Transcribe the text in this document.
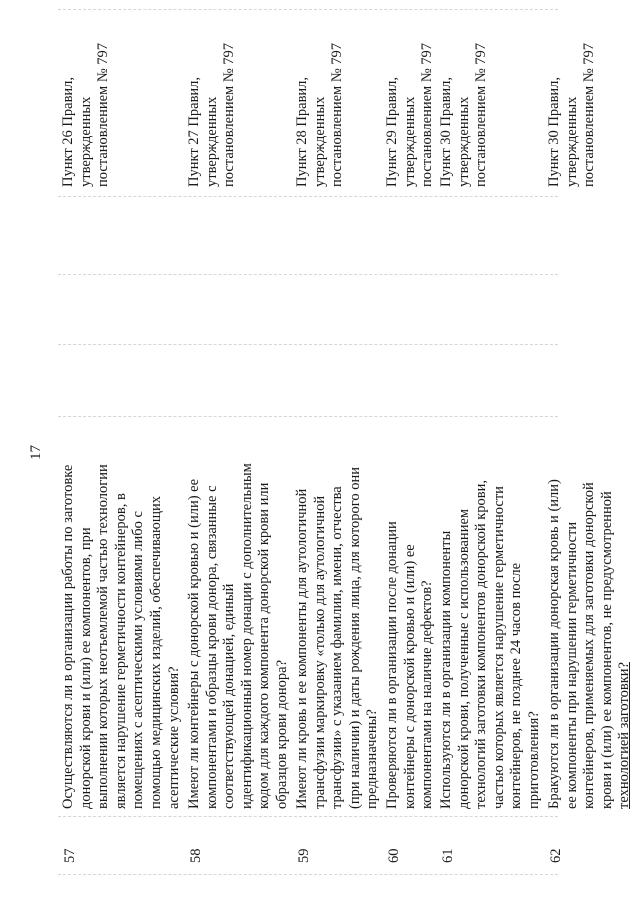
17
57
Осуществляются ли в организации работы по заготовке донорской крови и (или) ее компонентов, при выполнении которых неотъемлемой частью технологии является нарушение герметичности контейнеров, в помещениях с асептическими условиями либо с помощью медицинских изделий, обеспечивающих асептические условия?
Пункт 26 Правил, утвержденных постановлением № 797
58
Имеют ли контейнеры с донорской кровью и (или) ее компонентами и образцы крови донора, связанные с соответствующей донацией, единый идентификационный номер донации с дополнительным кодом для каждого компонента донорской крови или образцов крови донора?
Пункт 27 Правил, утвержденных постановлением № 797
59
Имеют ли кровь и ее компоненты для аутологичной трансфузии маркировку «только для аутологичной трансфузии» с указанием фамилии, имени, отчества (при наличии) и даты рождения лица, для которого они предназначены?
Пункт 28 Правил, утвержденных постановлением № 797
60
Проверяются ли в организации после донации контейнеры с донорской кровью и (или) ее компонентами на наличие дефектов?
Пункт 29 Правил, утвержденных постановлением № 797
61
Используются ли в организации компоненты донорской крови, полученные с использованием технологий заготовки компонентов донорской крови, частью которых является нарушение герметичности контейнеров, не позднее 24 часов после приготовления?
Пункт 30 Правил, утвержденных постановлением № 797
62
Бракуются ли в организации донорская кровь и (или) ее компоненты при нарушении герметичности контейнеров, применяемых для заготовки донорской крови и (или) ее компонентов, не предусмотренной технологией заготовки?
Пункт 30 Правил, утвержденных постановлением № 797
